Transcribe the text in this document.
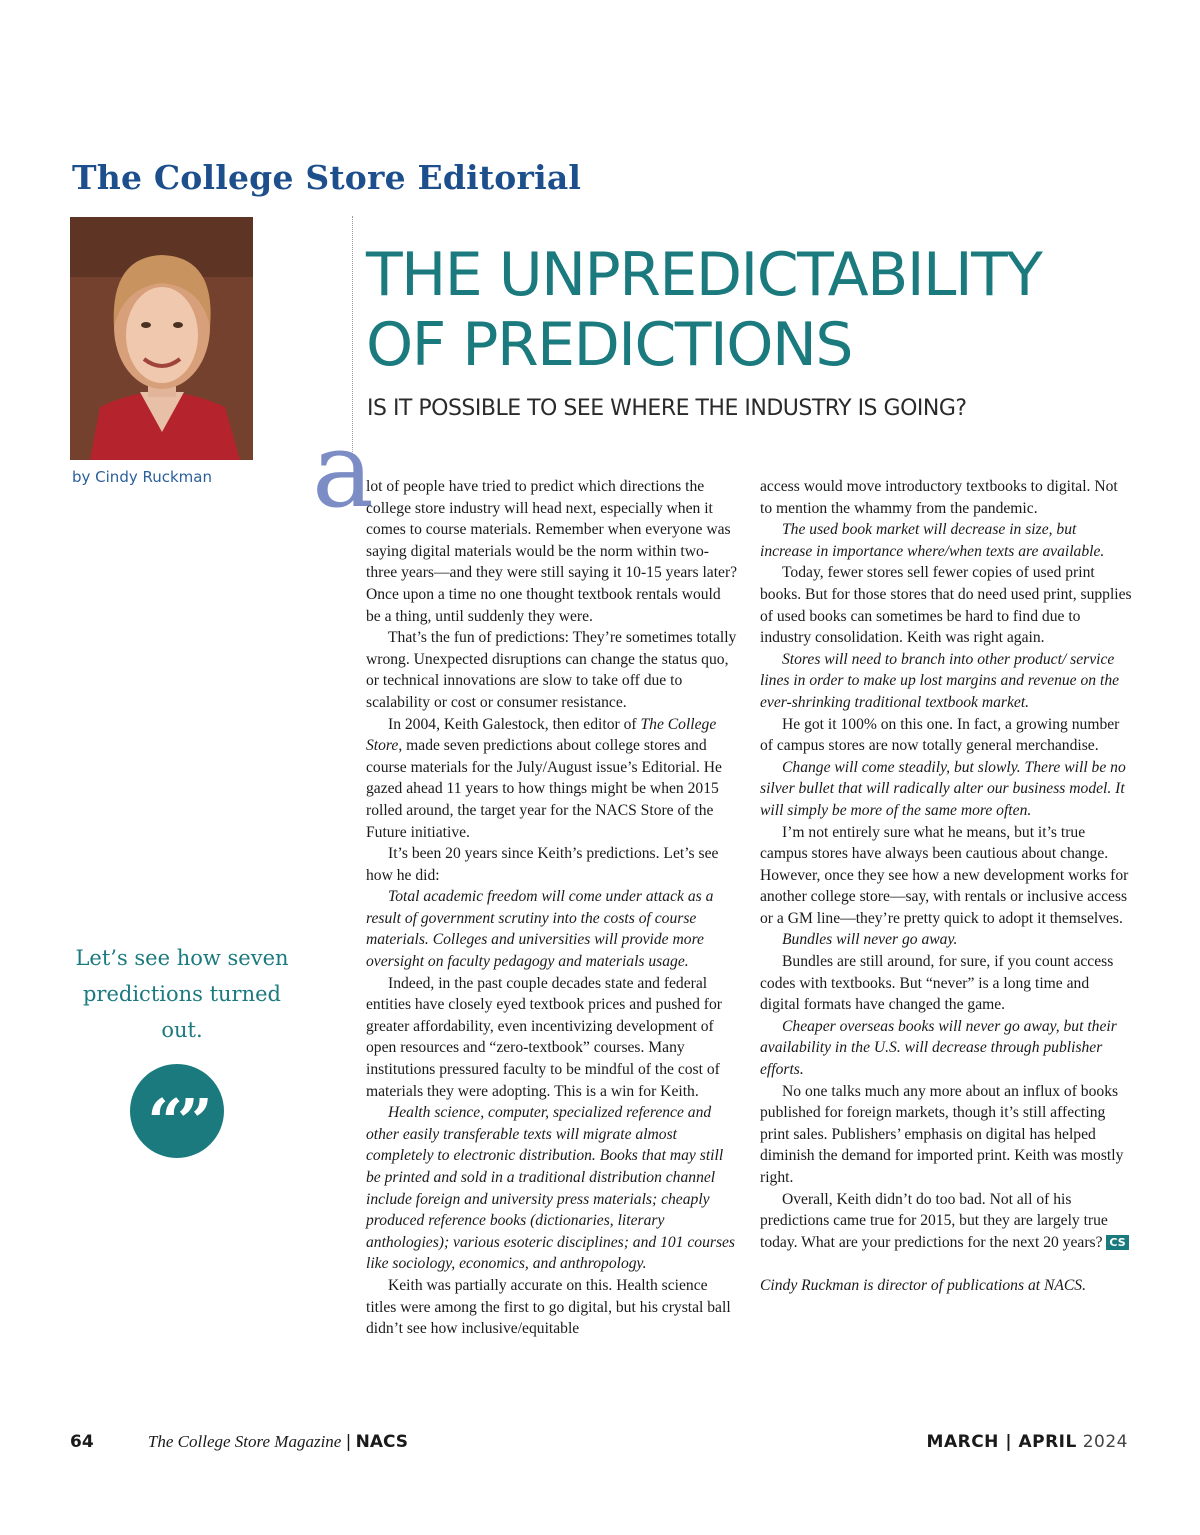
The College Store Editorial
by Cindy Ruckman
THE UNPREDICTABILITY
OF PREDICTIONS
IS IT POSSIBLE TO SEE WHERE THE INDUSTRY IS GOING?
a

lot of people have tried to predict which directions the college store industry will head next, especially when it comes to course materials. Remember when everyone was saying digital materials would be the norm within two-three years—and they were still saying it 10-15 years later? Once upon a time no one thought textbook rentals would be a thing, until suddenly they were.

That’s the fun of predictions: They’re sometimes totally wrong. Unexpected disruptions can change the status quo, or technical innovations are slow to take off due to scalability or cost or consumer resistance.

In 2004, Keith Galestock, then editor of The College Store, made seven predictions about college stores and course materials for the July/August issue’s Editorial. He gazed ahead 11 years to how things might be when 2015 rolled around, the target year for the NACS Store of the Future initiative.

It’s been 20 years since Keith’s predictions. Let’s see how he did:

Total academic freedom will come under attack as a result of government scrutiny into the costs of course materials. Colleges and universities will provide more oversight on faculty pedagogy and materials usage.

Indeed, in the past couple decades state and federal entities have closely eyed textbook prices and pushed for greater affordability, even incentivizing development of open resources and “zero-textbook” courses. Many institutions pressured faculty to be mindful of the cost of materials they were adopting. This is a win for Keith.

Health science, computer, specialized reference and other easily transferable texts will migrate almost completely to electronic distribution. Books that may still be printed and sold in a traditional distribution channel include foreign and university press materials; cheaply produced reference books (dictionaries, literary anthologies); various esoteric disciplines; and 101 courses like sociology, economics, and anthropology.

Keith was partially accurate on this. Health science titles were among the first to go digital, but his crystal ball didn’t see how inclusive/equitable

access would move introductory textbooks to digital. Not to mention the whammy from the pandemic.

The used book market will decrease in size, but increase in importance where/when texts are available.

Today, fewer stores sell fewer copies of used print books. But for those stores that do need used print, supplies of used books can sometimes be hard to find due to industry consolidation. Keith was right again.

Stores will need to branch into other product/ service lines in order to make up lost margins and revenue on the ever-shrinking traditional textbook market.

He got it 100% on this one. In fact, a growing number of campus stores are now totally general merchandise.

Change will come steadily, but slowly. There will be no silver bullet that will radically alter our business model. It will simply be more of the same more often.

I’m not entirely sure what he means, but it’s true campus stores have always been cautious about change. However, once they see how a new development works for another college store—say, with rentals or inclusive access or a GM line—they’re pretty quick to adopt it themselves.

Bundles will never go away.

Bundles are still around, for sure, if you count access codes with textbooks. But “never” is a long time and digital formats have changed the game.

Cheaper overseas books will never go away, but their availability in the U.S. will decrease through publisher efforts.

No one talks much any more about an influx of books published for foreign markets, though it’s still affecting print sales. Publishers’ emphasis on digital has helped diminish the demand for imported print. Keith was mostly right.

Overall, Keith didn’t do too bad. Not all of his predictions came true for 2015, but they are largely true today. What are your predictions for the next 20 years? CS

Cindy Ruckman is director of publications at NACS.

Let’s see how seven predictions turned out.
“”
64	The College Store Magazine | NACS	MARCH | APRIL 2024
